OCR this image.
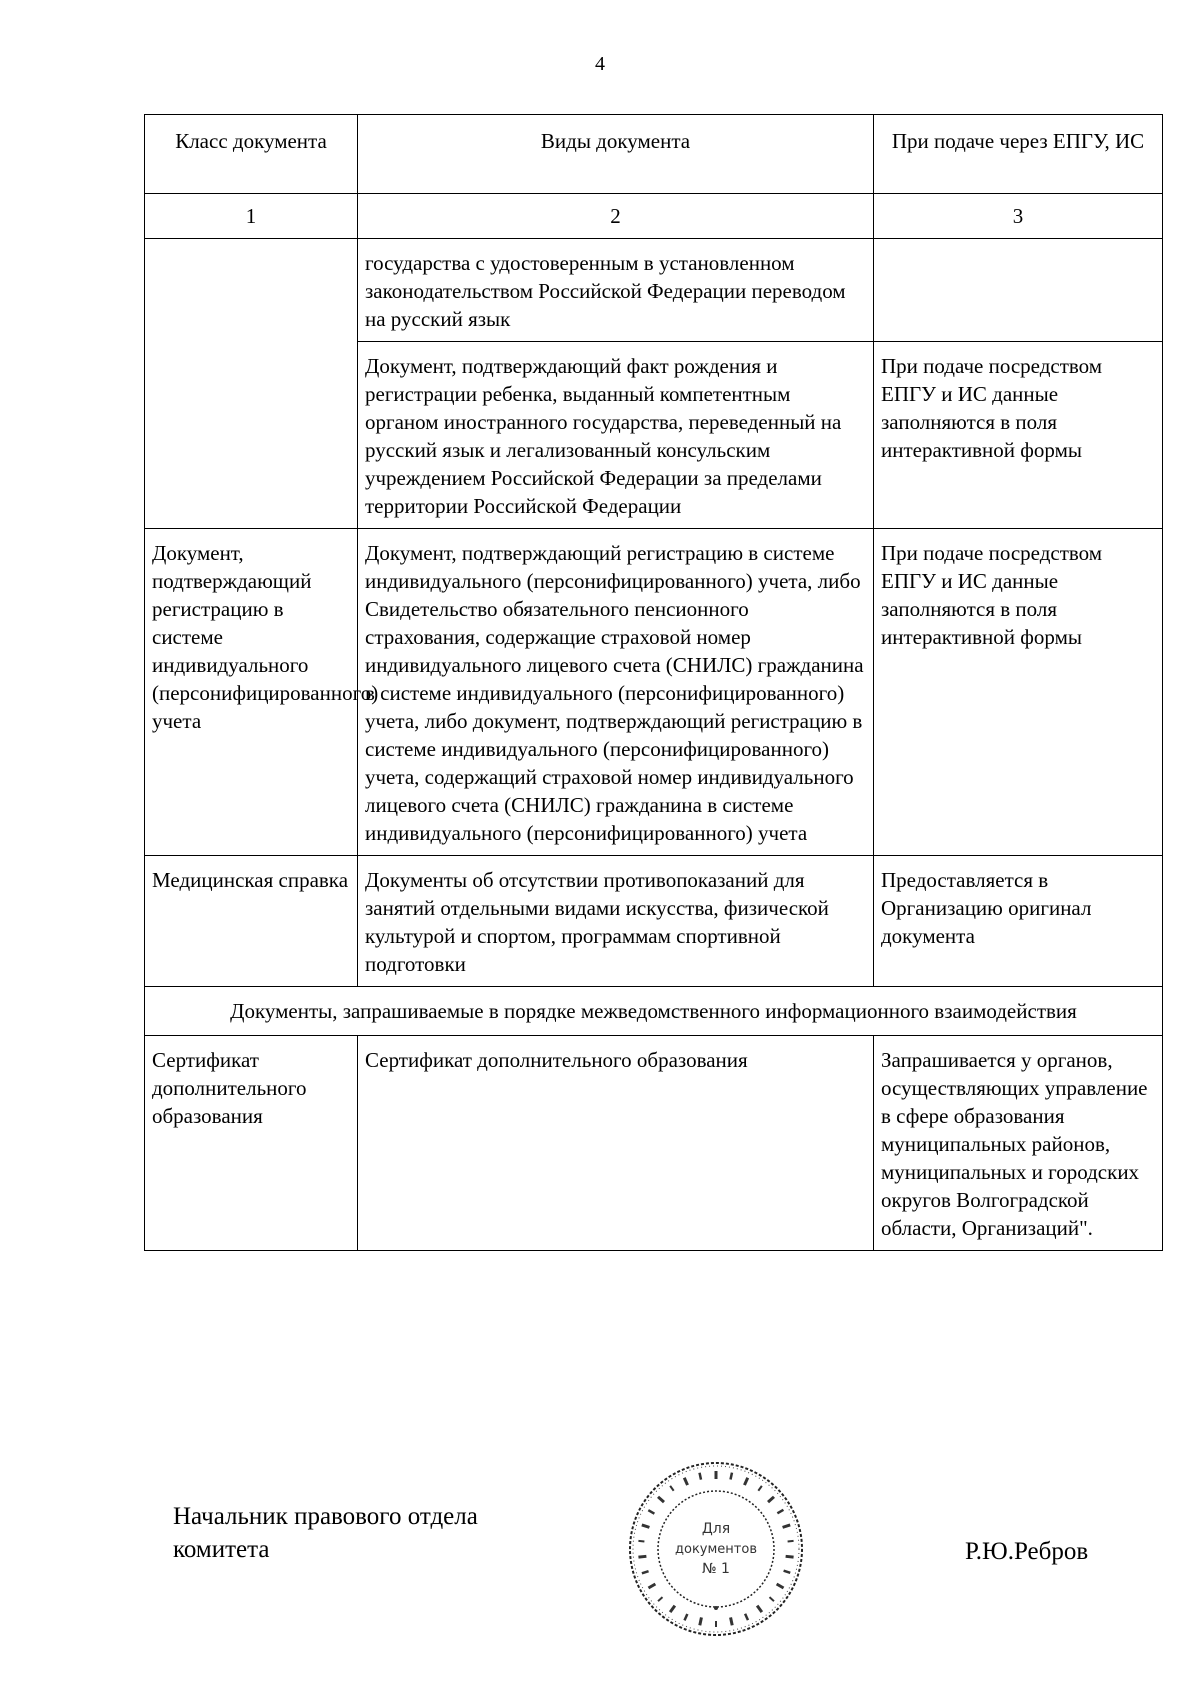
4
Класс документа	Виды документа	При подаче через ЕПГУ, ИС
1	2	3
	государства с удостоверенным в установленном законодательством Российской Федерации переводом на русский язык	
	Документ, подтверждающий факт рождения и регистрации ребенка, выданный компетентным органом иностранного государства, переведенный на русский язык и легализованный консульским учреждением Российской Федерации за пределами территории Российской Федерации	При подаче посредством ЕПГУ и ИС данные заполняются в поля интерактивной формы
Документ, подтверждающий регистрацию в системе индивидуального (персонифицированного) учета	Документ, подтверждающий регистрацию в системе индивидуального (персонифицированного) учета, либо Свидетельство обязательного пенсионного страхования, содержащие страховой номер индивидуального лицевого счета (СНИЛС) гражданина в системе индивидуального (персонифицированного) учета, либо документ, подтверждающий регистрацию в системе индивидуального (персонифицированного) учета, содержащий страховой номер индивидуального лицевого счета (СНИЛС) гражданина в системе индивидуального (персонифицированного) учета	При подаче посредством ЕПГУ и ИС данные заполняются в поля интерактивной формы
Медицинская справка	Документы об отсутствии противопоказаний для занятий отдельными видами искусства, физической культурой и спортом, программам спортивной подготовки	Предоставляется в Организацию оригинал документа
Документы, запрашиваемые в порядке межведомственного информационного взаимодействия		
Сертификат дополнительного образования	Сертификат дополнительного образования	Запрашивается у органов, осуществляющих управление в сфере образования муниципальных районов, муниципальных и городских округов Волгоградской области, Организаций".
Начальник правового отдела комитета
Для
документов
№ 1
Р.Ю.Ребров
